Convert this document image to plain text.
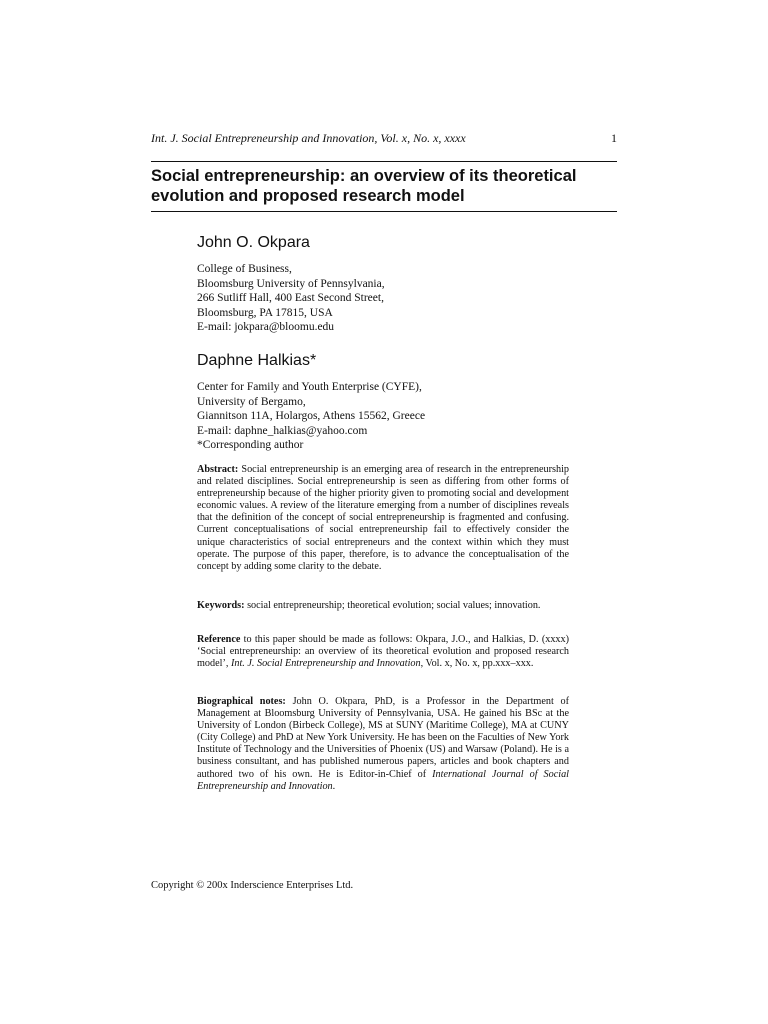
Int. J. Social Entrepreneurship and Innovation, Vol. x, No. x, xxxx	1
Social entrepreneurship: an overview of its theoretical evolution and proposed research model
John O. Okpara
College of Business,
Bloomsburg University of Pennsylvania,
266 Sutliff Hall, 400 East Second Street,
Bloomsburg, PA 17815, USA
E-mail: jokpara@bloomu.edu
Daphne Halkias*
Center for Family and Youth Enterprise (CYFE),
University of Bergamo,
Giannitson 11A, Holargos, Athens 15562, Greece
E-mail: daphne_halkias@yahoo.com
*Corresponding author

Abstract: Social entrepreneurship is an emerging area of research in the entrepreneurship and related disciplines. Social entrepreneurship is seen as differing from other forms of entrepreneurship because of the higher priority given to promoting social and development economic values. A review of the literature emerging from a number of disciplines reveals that the definition of the concept of social entrepreneurship is fragmented and confusing. Current conceptualisations of social entrepreneurship fail to effectively consider the unique characteristics of social entrepreneurs and the context within which they must operate. The purpose of this paper, therefore, is to advance the conceptualisation of the concept by adding some clarity to the debate.

Keywords: social entrepreneurship; theoretical evolution; social values; innovation.

Reference to this paper should be made as follows: Okpara, J.O., and Halkias, D. (xxxx) ‘Social entrepreneurship: an overview of its theoretical evolution and proposed research model’, Int. J. Social Entrepreneurship and Innovation, Vol. x, No. x, pp.xxx–xxx.

Biographical notes: John O. Okpara, PhD, is a Professor in the Department of Management at Bloomsburg University of Pennsylvania, USA. He gained his BSc at the University of London (Birbeck College), MS at SUNY (Maritime College), MA at CUNY (City College) and PhD at New York University. He has been on the Faculties of New York Institute of Technology and the Universities of Phoenix (US) and Warsaw (Poland). He is a business consultant, and has published numerous papers, articles and book chapters and authored two of his own. He is Editor-in-Chief of International Journal of Social Entrepreneurship and Innovation.

Copyright © 200x Inderscience Enterprises Ltd.
